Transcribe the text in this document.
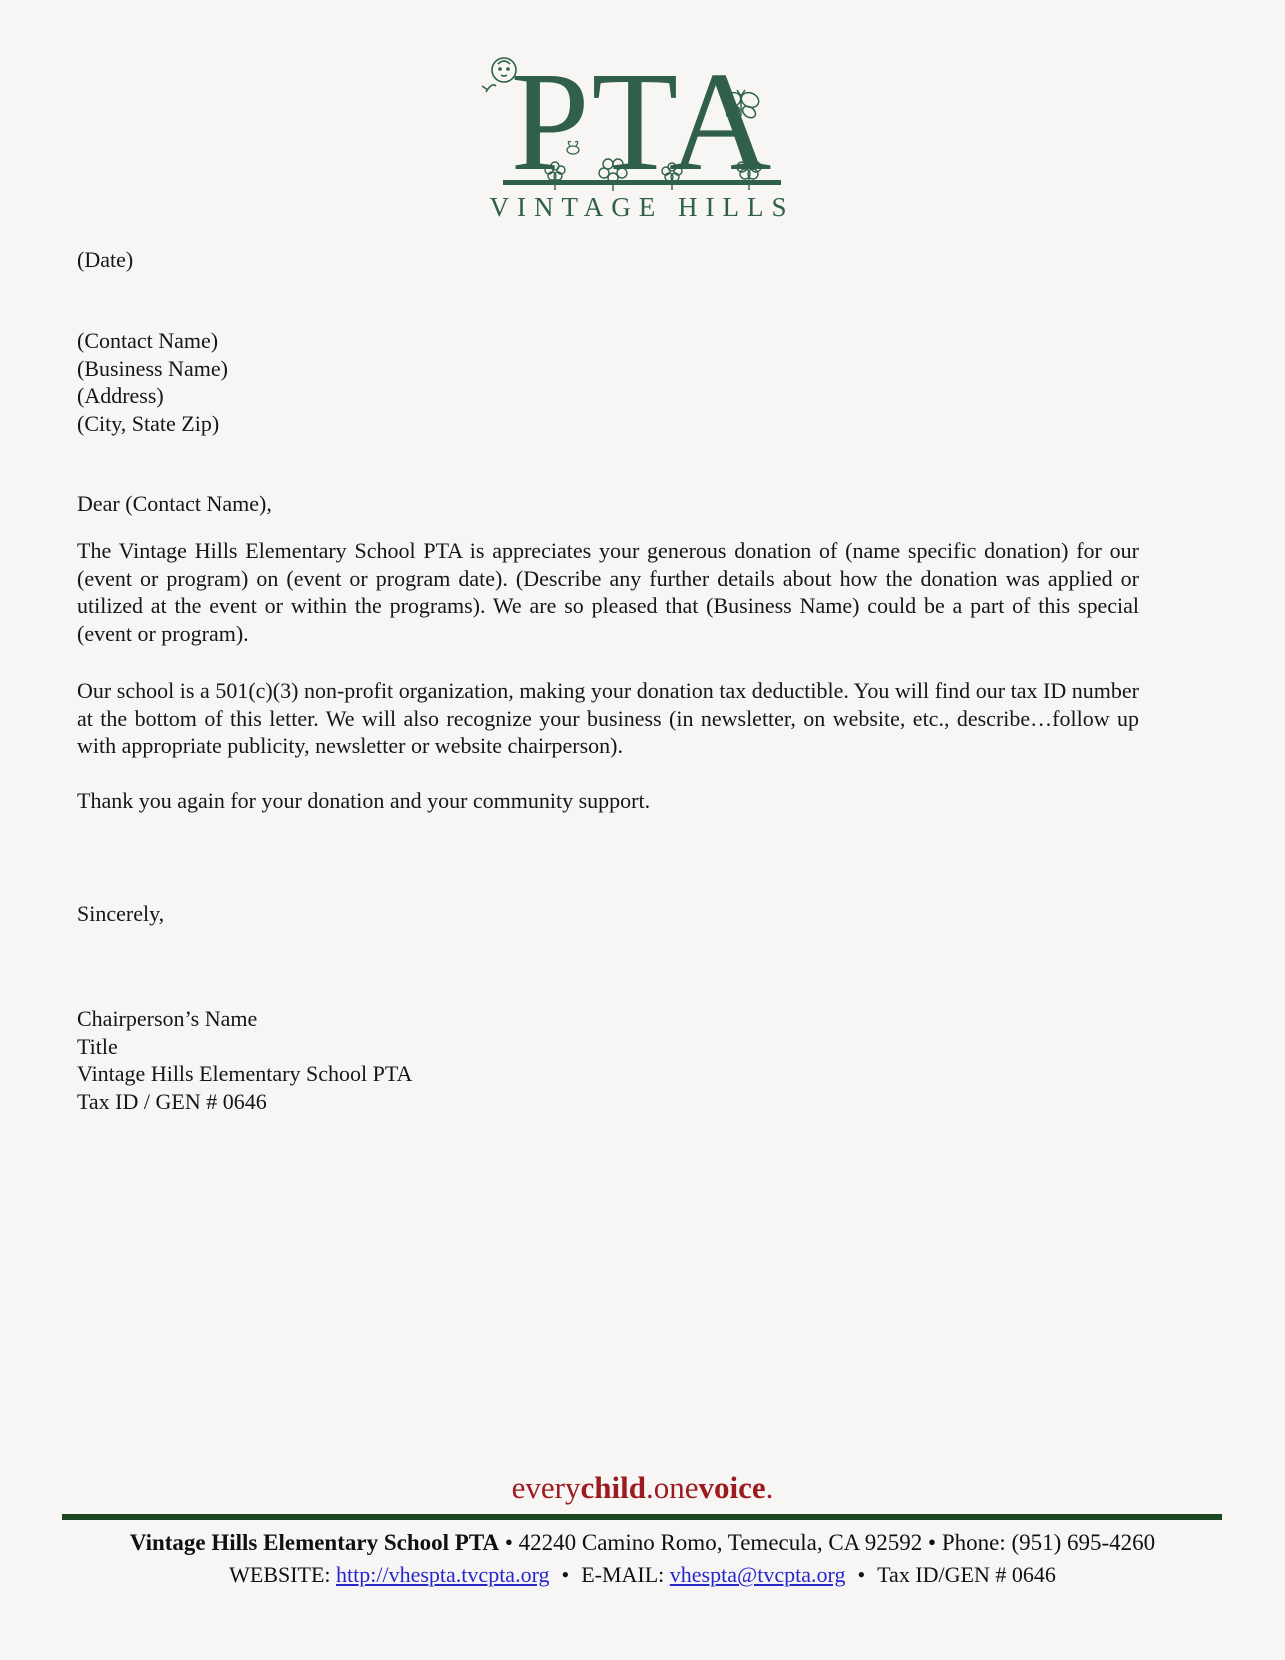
PTA
VINTAGE HILLS
(Date)
(Contact Name)
(Business Name)
(Address)
(City, State Zip)
Dear (Contact Name),
The Vintage Hills Elementary School PTA is appreciates your generous donation of (name specific donation) for our (event or program) on (event or program date). (Describe any further details about how the donation was applied or utilized at the event or within the programs). We are so pleased that (Business Name) could be a part of this special (event or program).
Our school is a 501(c)(3) non-profit organization, making your donation tax deductible. You will find our tax ID number at the bottom of this letter. We will also recognize your business (in newsletter, on website, etc., describe…follow up with appropriate publicity, newsletter or website chairperson).
Thank you again for your donation and your community support.
Sincerely,
Chairperson’s Name
Title
Vintage Hills Elementary School PTA
Tax ID / GEN # 0646
everychild.onevoice.
Vintage Hills Elementary School PTA • 42240 Camino Romo, Temecula, CA 92592 • Phone: (951) 695-4260
WEBSITE: http://vhespta.tvcpta.org • E-MAIL: vhespta@tvcpta.org • Tax ID/GEN # 0646
